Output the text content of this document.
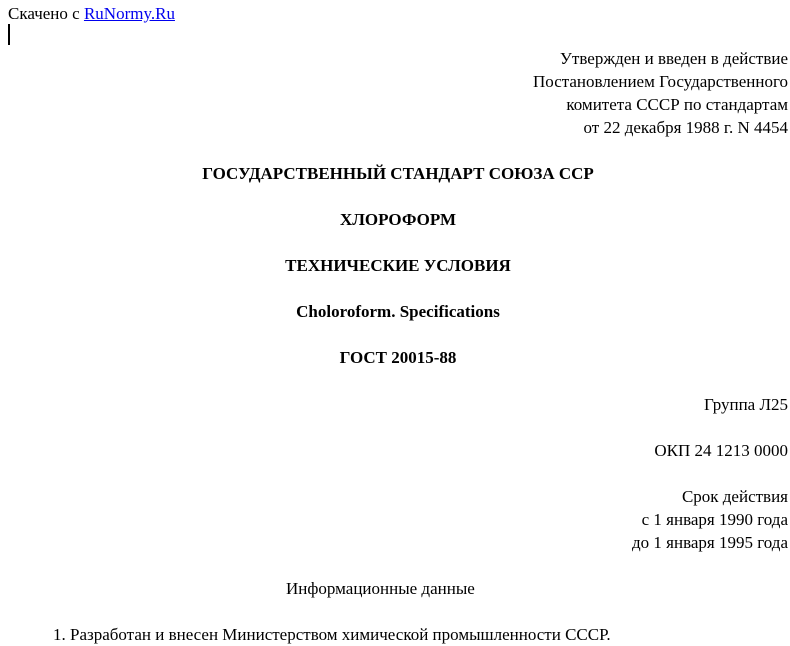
Скачено с RuNormy.Ru
Утвержден и введен в действие
Постановлением Государственного
комитета СССР по стандартам
от 22 декабря 1988 г. N 4454
ГОСУДАРСТВЕННЫЙ СТАНДАРТ СОЮЗА ССР
ХЛОРОФОРМ
ТЕХНИЧЕСКИЕ УСЛОВИЯ
Choloroform. Specifications
ГОСТ 20015-88
Группа Л25
ОКП 24 1213 0000
Срок действия
с 1 января 1990 года
до 1 января 1995 года
Информационные данные
1. Разработан и внесен Министерством химической промышленности СССР.
